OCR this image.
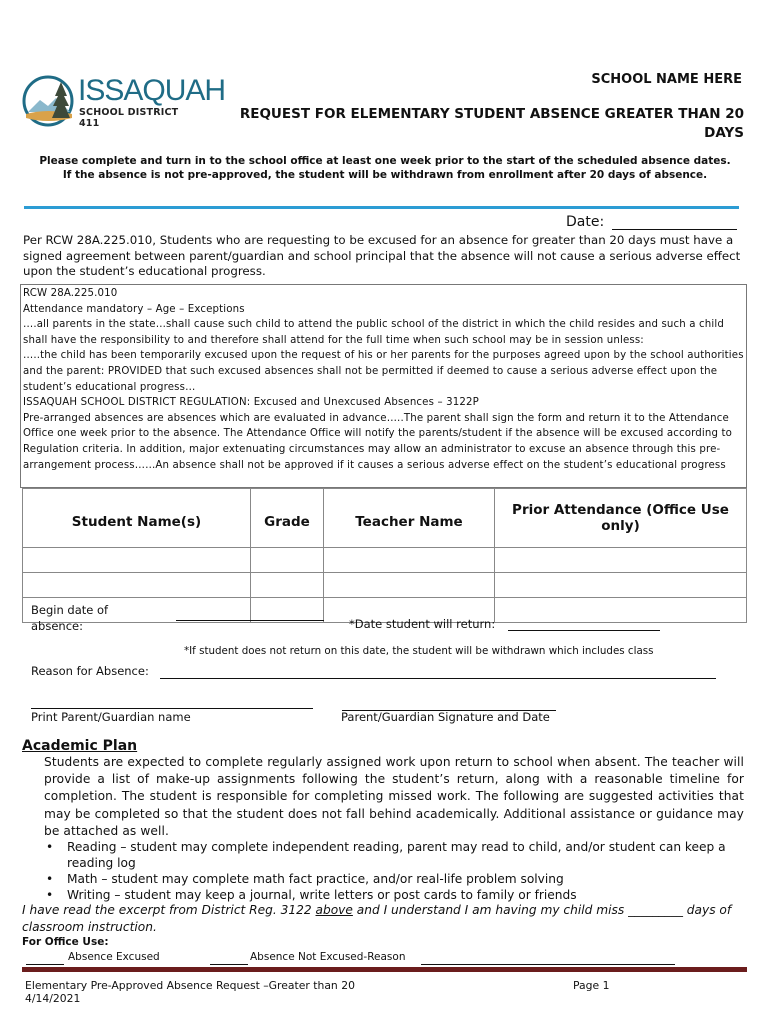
ISSAQUAH
SCHOOL DISTRICT 411
SCHOOL NAME HERE
REQUEST FOR ELEMENTARY STUDENT ABSENCE GREATER THAN 20 DAYS
Please complete and turn in to the school office at least one week prior to the start of the scheduled absence dates.
If the absence is not pre-approved, the student will be withdrawn from enrollment after 20 days of absence.
Date:
Per RCW 28A.225.010, Students who are requesting to be excused for an absence for greater than 20 days must have a signed agreement between parent/guardian and school principal that the absence will not cause a serious adverse effect upon the student’s educational progress.
RCW 28A.225.010
Attendance mandatory – Age – Exceptions
….all parents in the state…shall cause such child to attend the public school of the district in which the child resides and such a child shall have the responsibility to and therefore shall attend for the full time when such school may be in session unless:
…..the child has been temporarily excused upon the request of his or her parents for the purposes agreed upon by the school authorities and the parent: PROVIDED that such excused absences shall not be permitted if deemed to cause a serious adverse effect upon the student’s educational progress…
ISSAQUAH SCHOOL DISTRICT REGULATION: Excused and Unexcused Absences – 3122P
Pre-arranged absences are absences which are evaluated in advance…..The parent shall sign the form and return it to the Attendance Office one week prior to the absence. The Attendance Office will notify the parents/student if the absence will be excused according to Regulation criteria. In addition, major extenuating circumstances may allow an administrator to excuse an absence through this pre-arrangement process……An absence shall not be approved if it causes a serious adverse effect on the student’s educational progress
Student Name(s)	Grade	Teacher Name	Prior Attendance (Office Use only)

Begin date of absence:	*Date student will return:
*If student does not return on this date, the student will be withdrawn which includes class
Reason for Absence:
Print Parent/Guardian name	Parent/Guardian Signature and Date
Academic Plan
Students are expected to complete regularly assigned work upon return to school when absent. The teacher will provide a list of make-up assignments following the student’s return, along with a reasonable timeline for completion. The student is responsible for completing missed work. The following are suggested activities that may be completed so that the student does not fall behind academically. Additional assistance or guidance may be attached as well.
• Reading – student may complete independent reading, parent may read to child, and/or student can keep a reading log
• Math – student may complete math fact practice, and/or real-life problem solving
• Writing – student may keep a journal, write letters or post cards to family or friends
I have read the excerpt from District Reg. 3122 above and I understand I am having my child miss _________ days of classroom instruction.
For Office Use:
Absence Excused	Absence Not Excused-Reason
Elementary Pre-Approved Absence Request –Greater than 20
4/14/2021
Page 1
